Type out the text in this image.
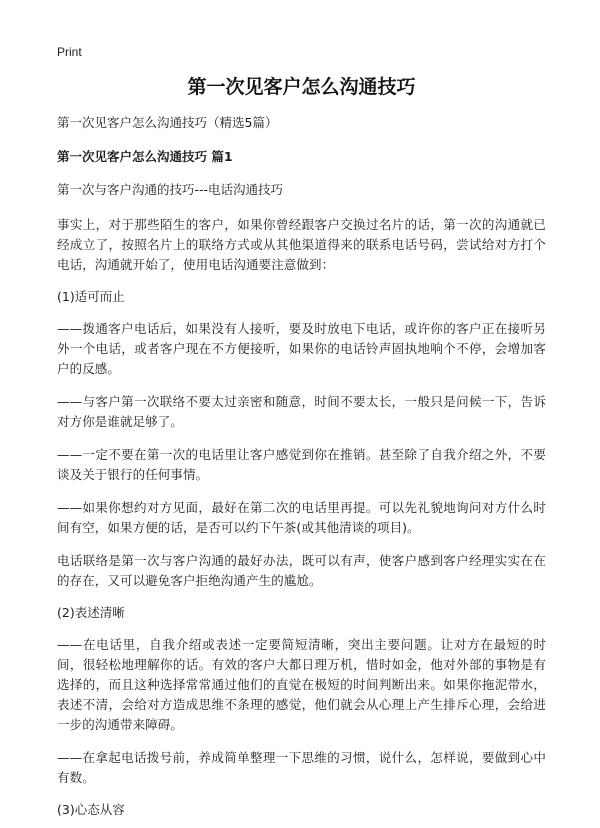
Print
第一次见客户怎么沟通技巧
第一次见客户怎么沟通技巧（精选5篇）
第一次见客户怎么沟通技巧 篇1
第一次与客户沟通的技巧---电话沟通技巧
事实上，对于那些陌生的客户，如果你曾经跟客户交换过名片的话，第一次的沟通就已经成立了，按照名片上的联络方式或从其他渠道得来的联系电话号码，尝试给对方打个电话，沟通就开始了，使用电话沟通要注意做到：
(1)适可而止
——拨通客户电话后，如果没有人接听，要及时放电下电话，或许你的客户正在接听另外一个电话，或者客户现在不方便接听，如果你的电话铃声固执地响个不停，会增加客户的反感。
——与客户第一次联络不要太过亲密和随意，时间不要太长，一般只是问候一下，告诉对方你是谁就足够了。
——一定不要在第一次的电话里让客户感觉到你在推销。甚至除了自我介绍之外，不要谈及关于银行的任何事情。
——如果你想约对方见面，最好在第二次的电话里再提。可以先礼貌地询问对方什么时间有空，如果方便的话，是否可以约下午茶(或其他清谈的项目)。
电话联络是第一次与客户沟通的最好办法，既可以有声，使客户感到客户经理实实在在的存在，又可以避免客户拒绝沟通产生的尴尬。
(2)表述清晰
——在电话里，自我介绍或表述一定要简短清晰，突出主要问题。让对方在最短的时间，很轻松地理解你的话。有效的客户大都日理万机，惜时如金，他对外部的事物是有选择的，而且这种选择常常通过他们的直觉在极短的时间判断出来。如果你拖泥带水，表述不清，会给对方造成思维不条理的感觉，他们就会从心理上产生排斥心理，会给进一步的沟通带来障碍。
——在拿起电话拨号前，养成简单整理一下思维的习惯，说什么，怎样说，要做到心中有数。
(3)心态从容
